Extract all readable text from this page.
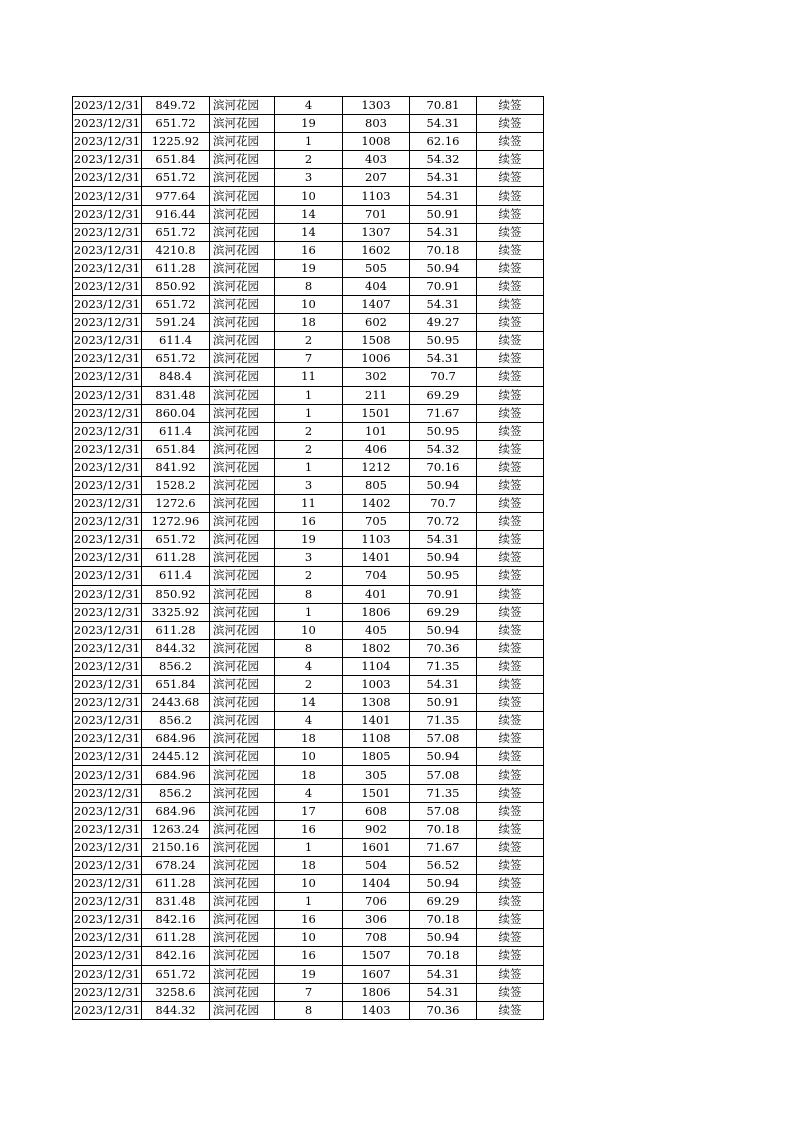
2023/12/31	849.72	滨河花园	4	1303	70.81	续签
2023/12/31	651.72	滨河花园	19	803	54.31	续签
2023/12/31	1225.92	滨河花园	1	1008	62.16	续签
2023/12/31	651.84	滨河花园	2	403	54.32	续签
2023/12/31	651.72	滨河花园	3	207	54.31	续签
2023/12/31	977.64	滨河花园	10	1103	54.31	续签
2023/12/31	916.44	滨河花园	14	701	50.91	续签
2023/12/31	651.72	滨河花园	14	1307	54.31	续签
2023/12/31	4210.8	滨河花园	16	1602	70.18	续签
2023/12/31	611.28	滨河花园	19	505	50.94	续签
2023/12/31	850.92	滨河花园	8	404	70.91	续签
2023/12/31	651.72	滨河花园	10	1407	54.31	续签
2023/12/31	591.24	滨河花园	18	602	49.27	续签
2023/12/31	611.4	滨河花园	2	1508	50.95	续签
2023/12/31	651.72	滨河花园	7	1006	54.31	续签
2023/12/31	848.4	滨河花园	11	302	70.7	续签
2023/12/31	831.48	滨河花园	1	211	69.29	续签
2023/12/31	860.04	滨河花园	1	1501	71.67	续签
2023/12/31	611.4	滨河花园	2	101	50.95	续签
2023/12/31	651.84	滨河花园	2	406	54.32	续签
2023/12/31	841.92	滨河花园	1	1212	70.16	续签
2023/12/31	1528.2	滨河花园	3	805	50.94	续签
2023/12/31	1272.6	滨河花园	11	1402	70.7	续签
2023/12/31	1272.96	滨河花园	16	705	70.72	续签
2023/12/31	651.72	滨河花园	19	1103	54.31	续签
2023/12/31	611.28	滨河花园	3	1401	50.94	续签
2023/12/31	611.4	滨河花园	2	704	50.95	续签
2023/12/31	850.92	滨河花园	8	401	70.91	续签
2023/12/31	3325.92	滨河花园	1	1806	69.29	续签
2023/12/31	611.28	滨河花园	10	405	50.94	续签
2023/12/31	844.32	滨河花园	8	1802	70.36	续签
2023/12/31	856.2	滨河花园	4	1104	71.35	续签
2023/12/31	651.84	滨河花园	2	1003	54.31	续签
2023/12/31	2443.68	滨河花园	14	1308	50.91	续签
2023/12/31	856.2	滨河花园	4	1401	71.35	续签
2023/12/31	684.96	滨河花园	18	1108	57.08	续签
2023/12/31	2445.12	滨河花园	10	1805	50.94	续签
2023/12/31	684.96	滨河花园	18	305	57.08	续签
2023/12/31	856.2	滨河花园	4	1501	71.35	续签
2023/12/31	684.96	滨河花园	17	608	57.08	续签
2023/12/31	1263.24	滨河花园	16	902	70.18	续签
2023/12/31	2150.16	滨河花园	1	1601	71.67	续签
2023/12/31	678.24	滨河花园	18	504	56.52	续签
2023/12/31	611.28	滨河花园	10	1404	50.94	续签
2023/12/31	831.48	滨河花园	1	706	69.29	续签
2023/12/31	842.16	滨河花园	16	306	70.18	续签
2023/12/31	611.28	滨河花园	10	708	50.94	续签
2023/12/31	842.16	滨河花园	16	1507	70.18	续签
2023/12/31	651.72	滨河花园	19	1607	54.31	续签
2023/12/31	3258.6	滨河花园	7	1806	54.31	续签
2023/12/31	844.32	滨河花园	8	1403	70.36	续签
